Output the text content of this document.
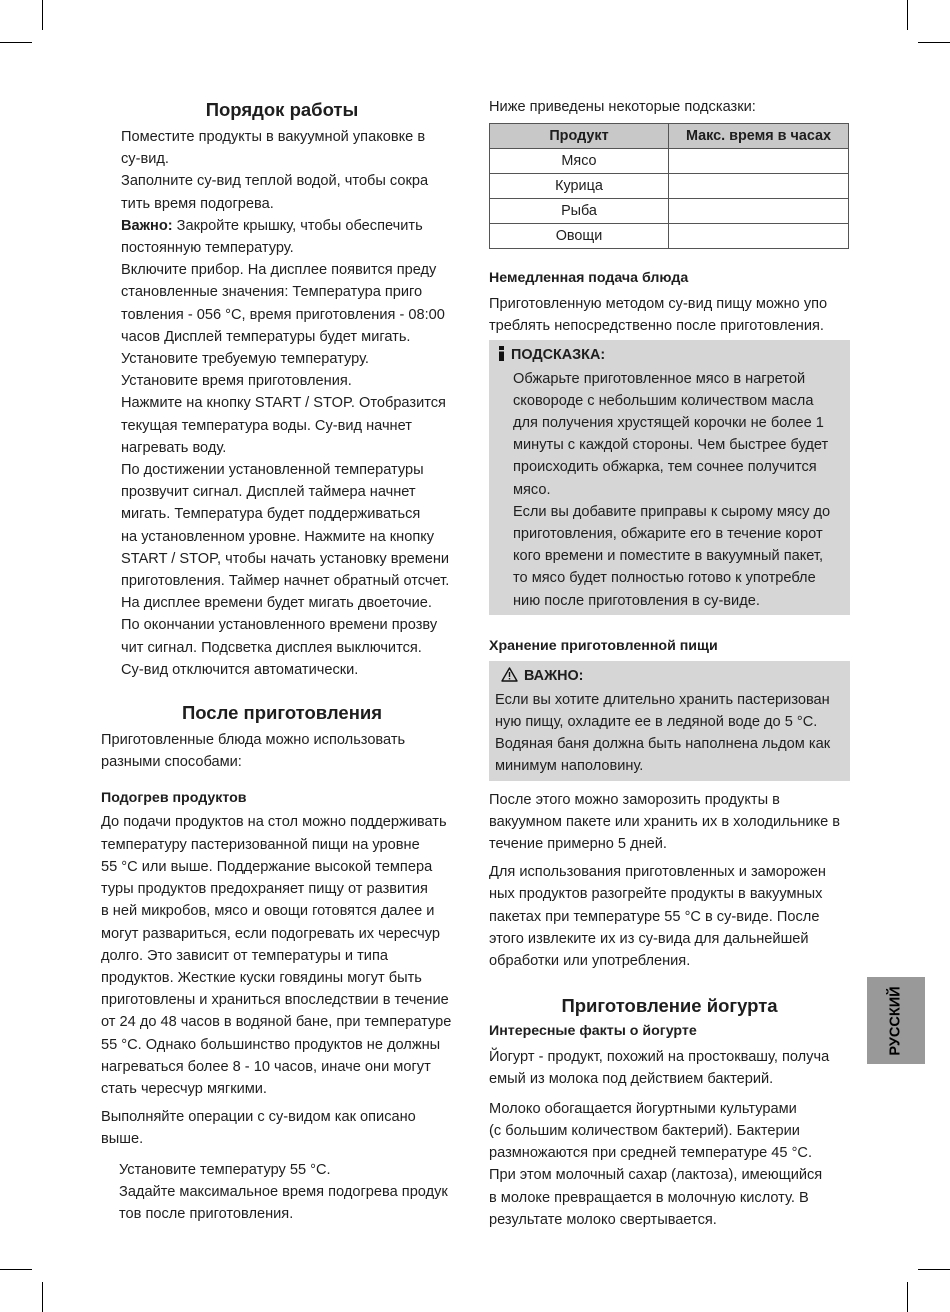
Порядок работы
Поместите продукты в вакуумной упаковке в
су-вид.
Заполните су-вид теплой водой, чтобы сокра
тить время подогрева.
Важно: Закройте крышку, чтобы обеспечить
постоянную температуру.
Включите прибор. На дисплее появится преду
становленные значения: Температура приго
товления - 056 °C, время приготовления - 08:00
часов Дисплей температуры будет мигать.
Установите требуемую температуру.
Установите время приготовления.
Нажмите на кнопку START / STOP. Отобразится
текущая температура воды. Су-вид начнет
нагревать воду.
По достижении установленной температуры
прозвучит сигнал. Дисплей таймера начнет
мигать. Температура будет поддерживаться
на установленном уровне. Нажмите на кнопку
START / STOP, чтобы начать установку времени
приготовления. Таймер начнет обратный отсчет.
На дисплее времени будет мигать двоеточие.
По окончании установленного времени прозву
чит сигнал. Подсветка дисплея выключится.
Су-вид отключится автоматически.
После приготовления
Приготовленные блюда можно использовать
разными способами:
Подогрев продуктов
До подачи продуктов на стол можно поддерживать
температуру пастеризованной пищи на уровне
55 °C или выше. Поддержание высокой темпера
туры продуктов предохраняет пищу от развития
в ней микробов, мясо и овощи готовятся далее и
могут развариться, если подогревать их чересчур
долго. Это зависит от температуры и типа
продуктов. Жесткие куски говядины могут быть
приготовлены и храниться впоследствии в течение
от 24 до 48 часов в водяной бане, при температуре
55 °C. Однако большинство продуктов не должны
нагреваться более 8 - 10 часов, иначе они могут
стать чересчур мягкими.
Выполняйте операции с су-видом как описано
выше.
Установите температуру 55 °C.
Задайте максимальное время подогрева продук
тов после приготовления.
Ниже приведены некоторые подсказки:
Продукт	Макс. время в часах
Мясо	
Курица	
Рыба	
Овощи	
Немедленная подача блюда
Приготовленную методом су-вид пищу можно упо
треблять непосредственно после приготовления.
ПОДСКАЗКА:
Обжарьте приготовленное мясо в нагретой
сковороде с небольшим количеством масла
для получения хрустящей корочки не более 1
минуты с каждой стороны. Чем быстрее будет
происходить обжарка, тем сочнее получится
мясо.
Если вы добавите приправы к сырому мясу до
приготовления, обжарите его в течение корот
кого времени и поместите в вакуумный пакет,
то мясо будет полностью готово к употребле
нию после приготовления в су-виде.
Хранение приготовленной пищи
ВАЖНО:
Если вы хотите длительно хранить пастеризован
ную пищу, охладите ее в ледяной воде до 5 °C.
Водяная баня должна быть наполнена льдом как
минимум наполовину.
После этого можно заморозить продукты в
вакуумном пакете или хранить их в холодильнике в
течение примерно 5 дней.
Для использования приготовленных и заморожен
ных продуктов разогрейте продукты в вакуумных
пакетах при температуре 55 °C в су-виде. После
этого извлеките их из су-вида для дальнейшей
обработки или употребления.
Приготовление йогурта
Интересные факты о йогурте
Йогурт - продукт, похожий на простоквашу, получа
емый из молока под действием бактерий.
Молоко обогащается йогуртными культурами
(с большим количеством бактерий). Бактерии
размножаются при средней температуре 45 °C.
При этом молочный сахар (лактоза), имеющийся
в молоке превращается в молочную кислоту. В
результате молоко свертывается.
РУССКИЙ
